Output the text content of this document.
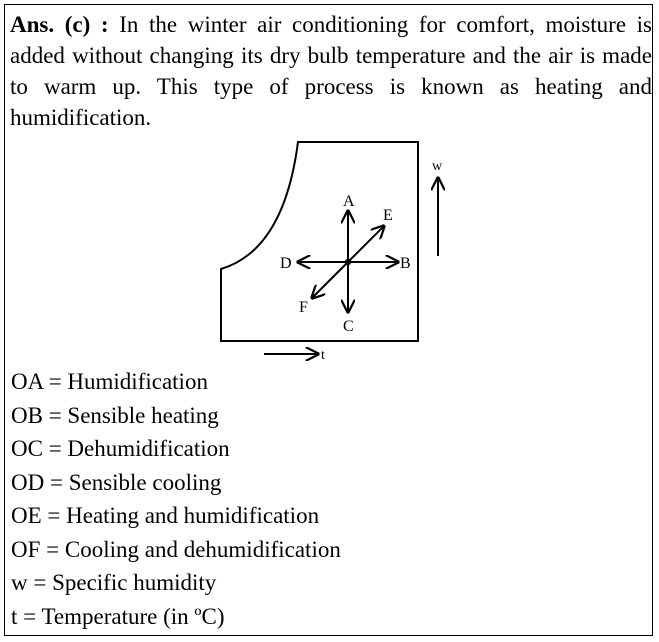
Ans. (c) : In the winter air conditioning for comfort, moisture is added without changing its dry bulb temperature and the air is made to warm up. This type of process is known as heating and humidification.
A
B
C
D
E
F
w
t
OA = Humidification
OB = Sensible heating
OC = Dehumidification
OD = Sensible cooling
OE = Heating and humidification
OF = Cooling and dehumidification
w = Specific humidity
t = Temperature (in ºC)
